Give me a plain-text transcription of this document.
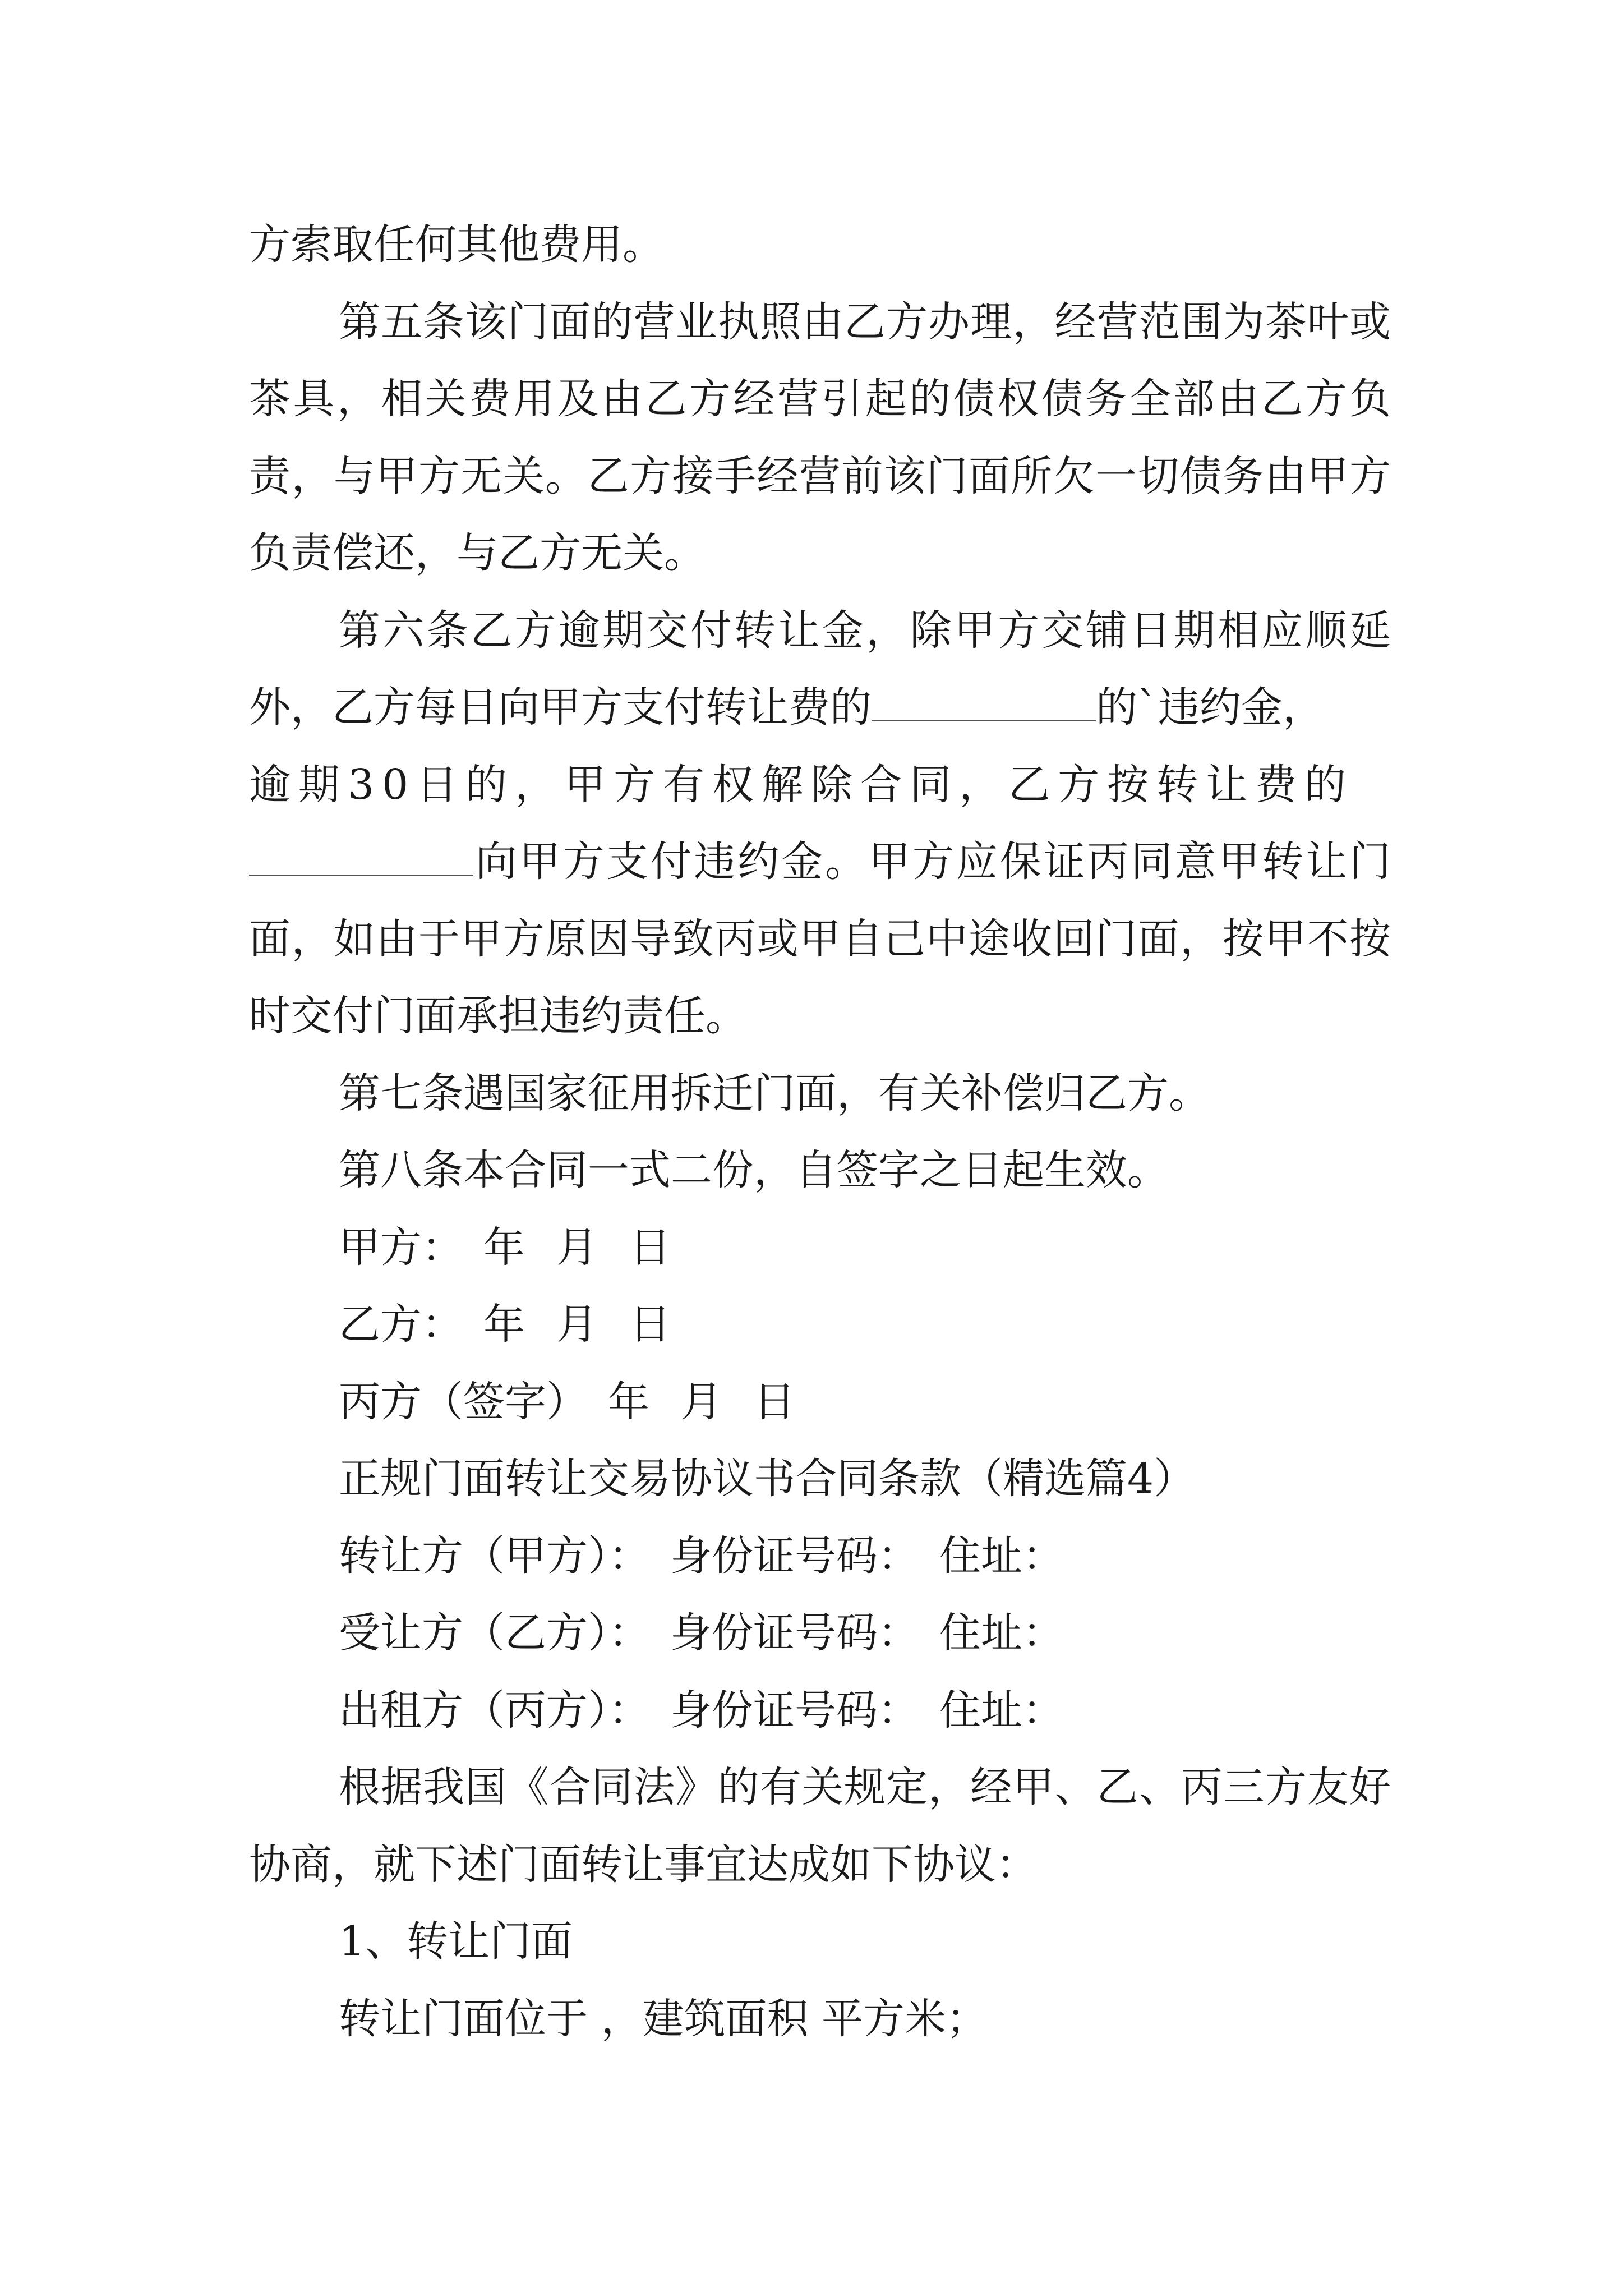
方索取任何其他费用。

第五条该门面的营业执照由乙方办理，经营范围为茶叶或茶具，相关费用及由乙方经营引起的债权债务全部由乙方负责，与甲方无关。乙方接手经营前该门面所欠一切债务由甲方负责偿还，与乙方无关。

第六条乙方逾期交付转让金，除甲方交铺日期相应顺延外，乙方每日向甲方支付转让费的	的`违约金，
逾期30日的，甲方有权解除合同，乙方按转让费的
向甲方支付违约金。甲方应保证丙同意甲转让门面，如由于甲方原因导致丙或甲自己中途收回门面，按甲不按时交付门面承担违约责任。

第七条遇国家征用拆迁门面，有关补偿归乙方。

第八条本合同一式二份，自签字之日起生效。

甲方： 年 月 日

乙方： 年 月 日

丙方（签字） 年 月 日

正规门面转让交易协议书合同条款（精选篇4）

转让方（甲方）： 身份证号码： 住址：

受让方（乙方）： 身份证号码： 住址：

出租方（丙方）： 身份证号码： 住址：

根据我国《合同法》的有关规定，经甲、乙、丙三方友好协商，就下述门面转让事宜达成如下协议：

1、转让门面

转让门面位于 ，建筑面积 平方米；
